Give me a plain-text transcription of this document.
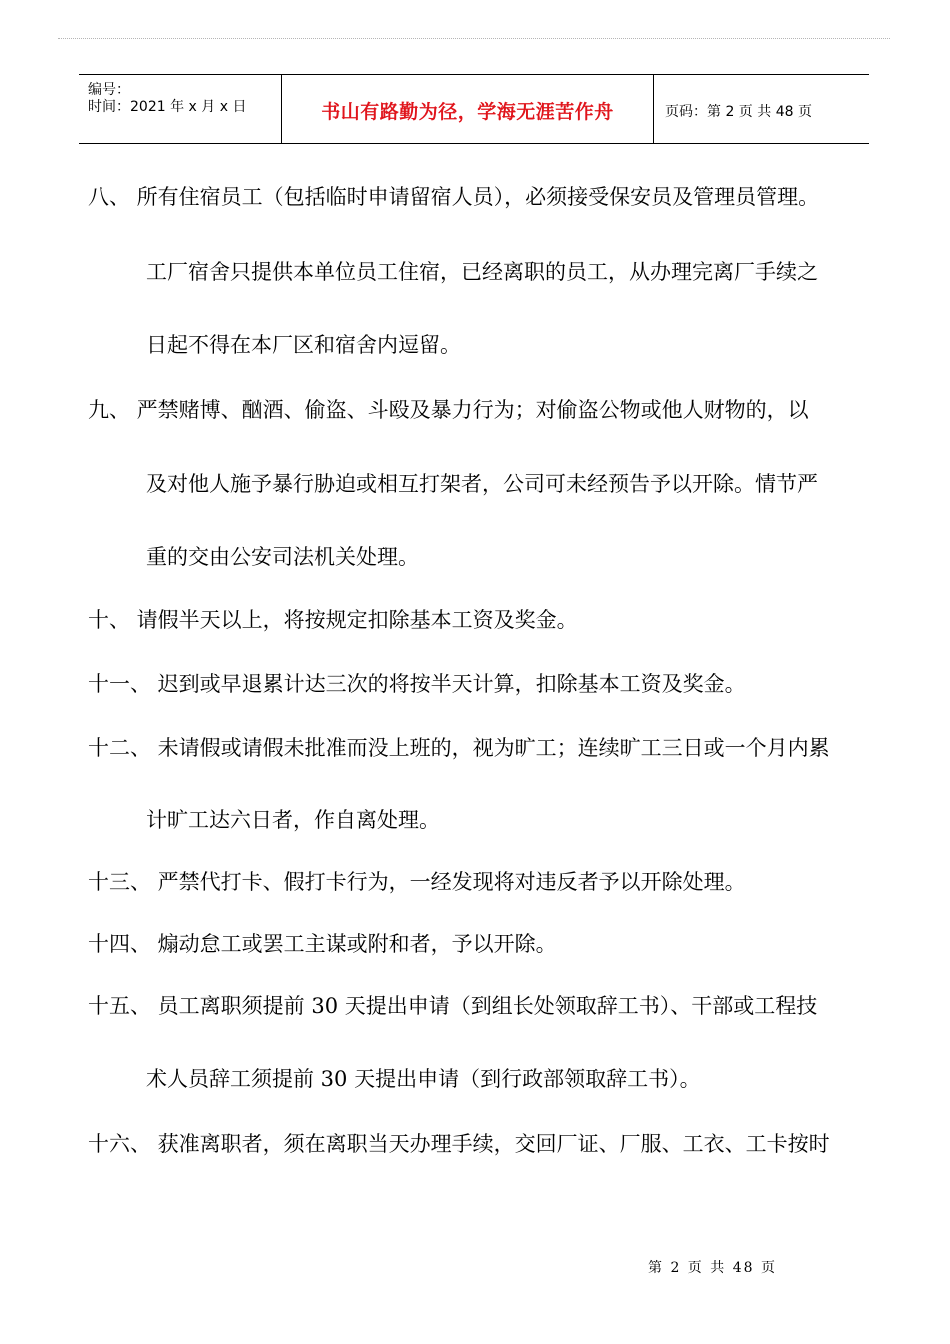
编号：
时间：2021 年 x 月 x 日	书山有路勤为径，学海无涯苦作舟	页码：第 2 页 共 48 页
八、 所有住宿员工（包括临时申请留宿人员），必须接受保安员及管理员管理。
工厂宿舍只提供本单位员工住宿，已经离职的员工，从办理完离厂手续之
日起不得在本厂区和宿舍内逗留。
九、 严禁赌博、酗酒、偷盗、斗殴及暴力行为；对偷盗公物或他人财物的，以
及对他人施予暴行胁迫或相互打架者，公司可未经预告予以开除。情节严
重的交由公安司法机关处理。
十、 请假半天以上，将按规定扣除基本工资及奖金。
十一、 迟到或早退累计达三次的将按半天计算，扣除基本工资及奖金。
十二、 未请假或请假未批准而没上班的，视为旷工；连续旷工三日或一个月内累
计旷工达六日者，作自离处理。
十三、 严禁代打卡、假打卡行为，一经发现将对违反者予以开除处理。
十四、 煽动怠工或罢工主谋或附和者，予以开除。
十五、 员工离职须提前 30 天提出申请（到组长处领取辞工书）、干部或工程技
术人员辞工须提前 30 天提出申请（到行政部领取辞工书）。
十六、 获准离职者，须在离职当天办理手续，交回厂证、厂服、工衣、工卡按时
第 2 页 共 48 页
